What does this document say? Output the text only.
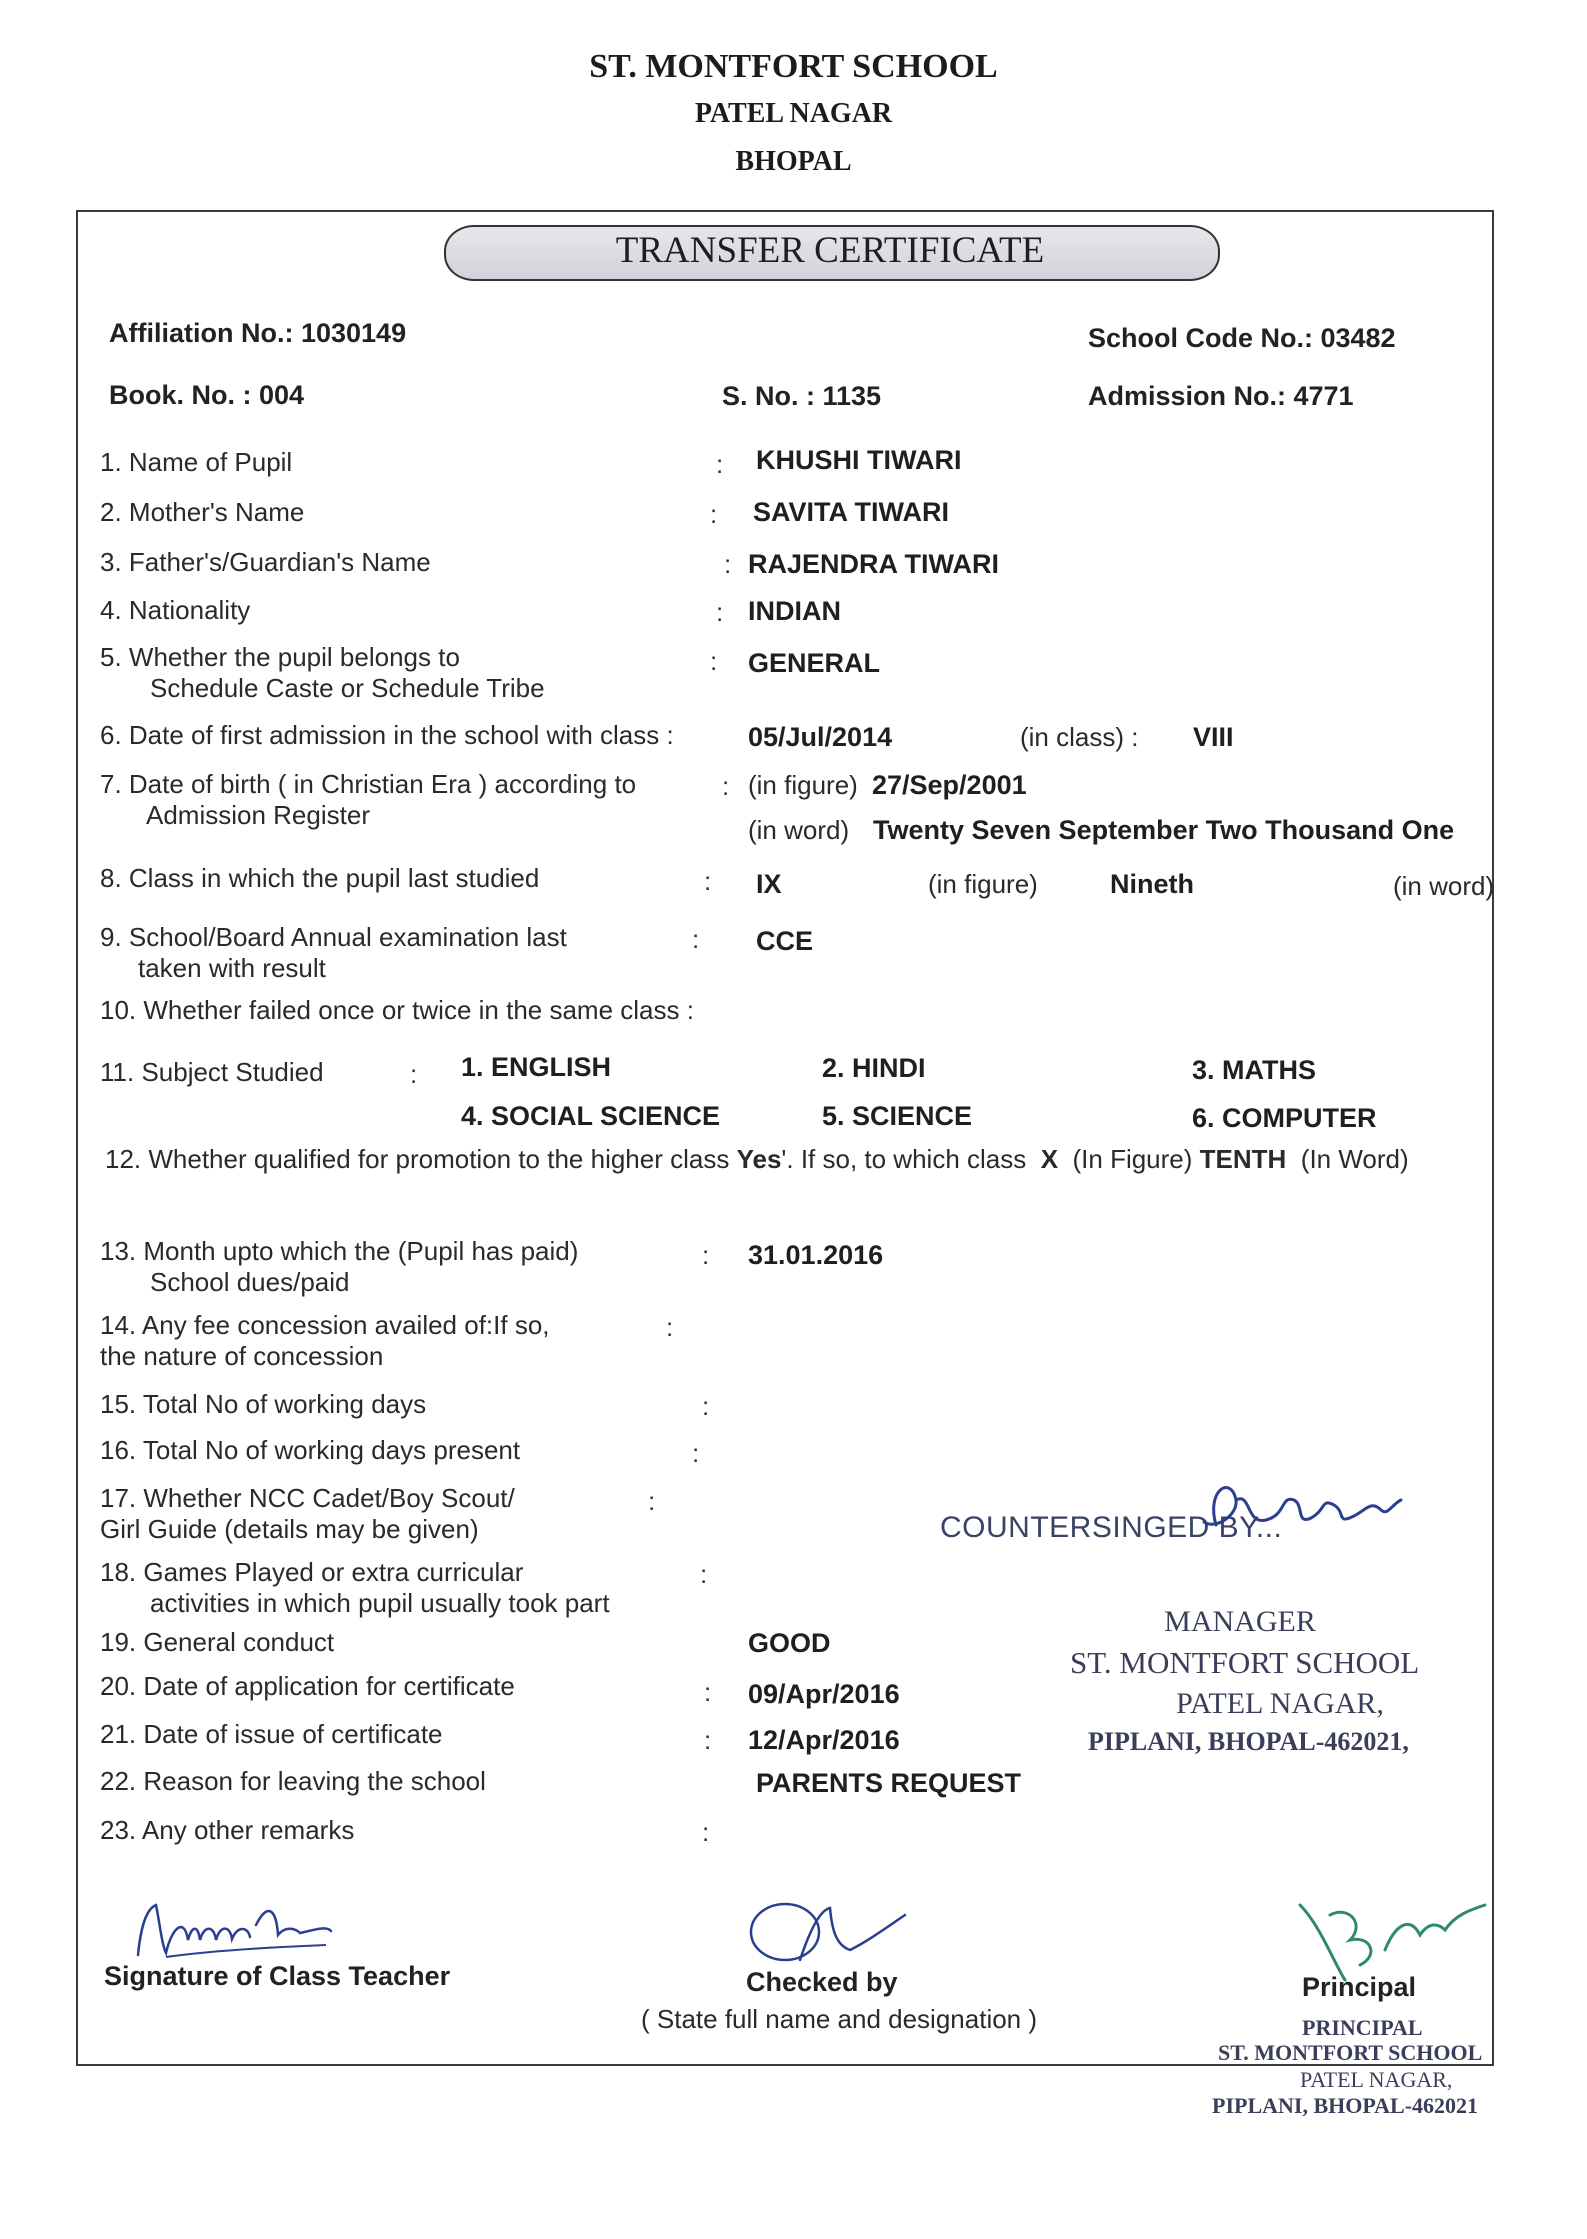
ST. MONTFORT SCHOOL
PATEL NAGAR
BHOPAL
TRANSFER CERTIFICATE
Affiliation No.: 1030149	School Code No.: 03482
Book. No. : 004	S. No. : 1135	Admission No.: 4771
1. Name of Pupil	: KHUSHI TIWARI
2. Mother's Name	: SAVITA TIWARI
3. Father's/Guardian's Name	: RAJENDRA TIWARI
4. Nationality	: INDIAN
5. Whether the pupil belongs to
Schedule Caste or Schedule Tribe
: GENERAL
6. Date of first admission in the school with class :	05/Jul/2014	(in class) : VIII
7. Date of birth ( in Christian Era ) according to
Admission Register
: (in figure) 27/Sep/2001
(in word) Twenty Seven September Two Thousand One
8. Class in which the pupil last studied	: IX	(in figure)	Nineth	(in word)
9. School/Board Annual examination last
taken with result
: CCE
10. Whether failed once or twice in the same class :
11. Subject Studied	: 1. ENGLISH	2. HINDI	3. MATHS
4. SOCIAL SCIENCE	5. SCIENCE	6. COMPUTER
12. Whether qualified for promotion to the higher class Yes'. If so, to which class X (In Figure) TENTH (In Word)
13. Month upto which the (Pupil has paid)
School dues/paid
: 31.01.2016
14. Any fee concession availed of:If so,
the nature of concession
:
15. Total No of working days	:
16. Total No of working days present	:
17. Whether NCC Cadet/Boy Scout/
Girl Guide (details may be given)
:
18. Games Played or extra curricular
activities in which pupil usually took part
:
19. General conduct	GOOD
20. Date of application for certificate	: 09/Apr/2016
21. Date of issue of certificate	: 12/Apr/2016
22. Reason for leaving the school	PARENTS REQUEST
23. Any other remarks	:
COUNTERSINGED BY... William
MANAGER
ST. MONTFORT SCHOOL
PATEL NAGAR,
PIPLANI, BHOPAL-462021,
Namrata
Signature of Class Teacher	Checked by
( State full name and designation )
Principal
PRINCIPAL
ST. MONTFORT SCHOOL
PATEL NAGAR,
PIPLANI, BHOPAL-462021
